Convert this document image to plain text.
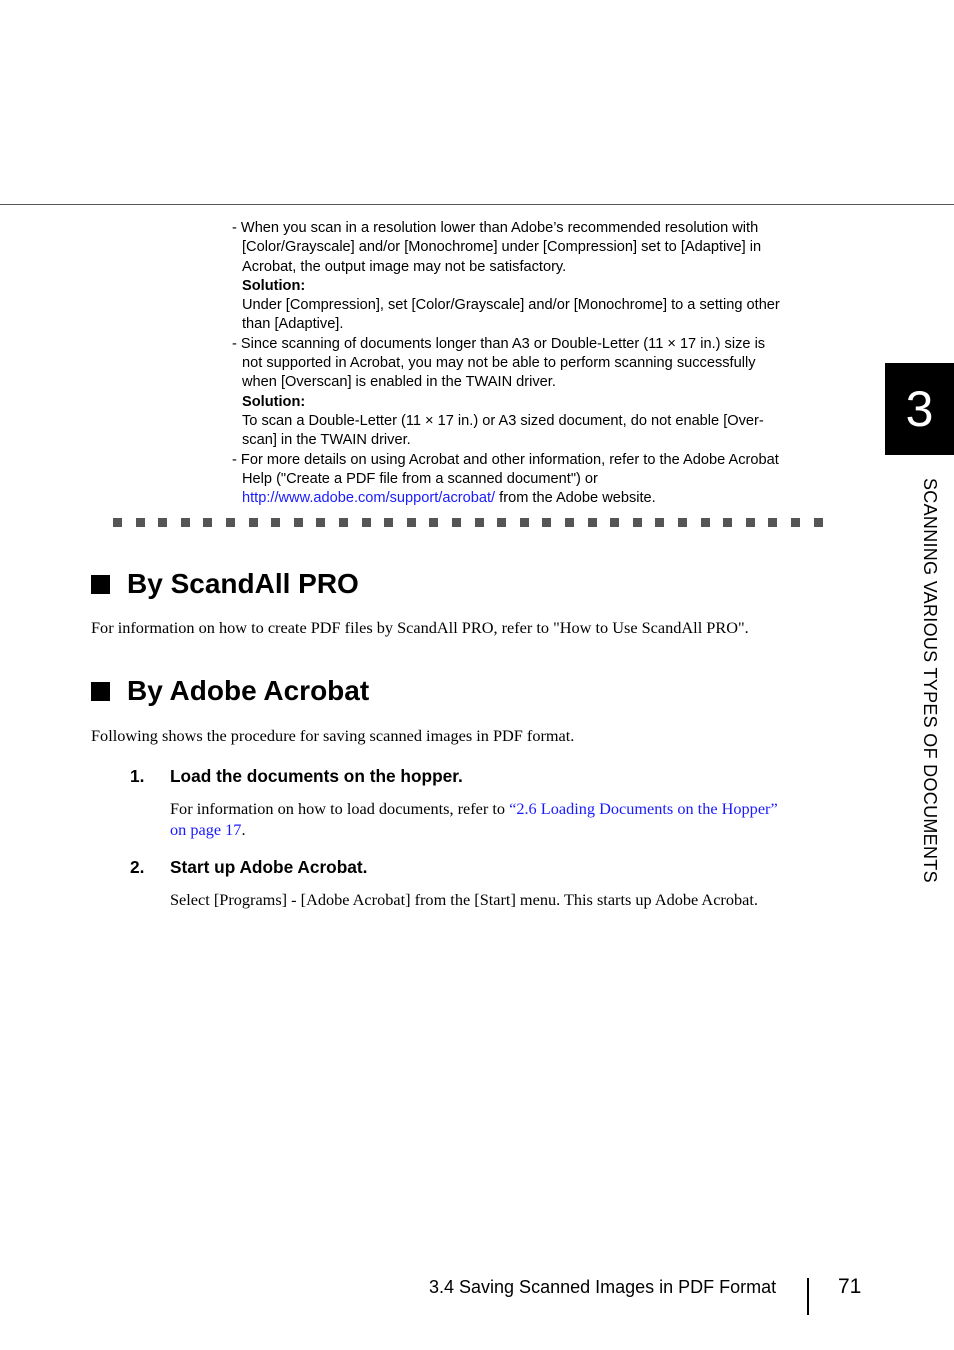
- When you scan in a resolution lower than Adobe’s recommended resolution with
[Color/Grayscale] and/or [Monochrome] under [Compression] set to [Adaptive] in
Acrobat, the output image may not be satisfactory.
Solution:
Under [Compression], set [Color/Grayscale] and/or [Monochrome] to a setting other
than [Adaptive].
- Since scanning of documents longer than A3 or Double-Letter (11 × 17 in.) size is
not supported in Acrobat, you may not be able to perform scanning successfully
when [Overscan] is enabled in the TWAIN driver.
Solution:
To scan a Double-Letter (11 × 17 in.) or A3 sized document, do not enable [Over-
scan] in the TWAIN driver.
- For more details on using Acrobat and other information, refer to the Adobe Acrobat
Help ("Create a PDF file from a scanned document") or
http://www.adobe.com/support/acrobat/ from the Adobe website.
By ScandAll PRO
For information on how to create PDF files by ScandAll PRO, refer to "How to Use ScandAll PRO".
By Adobe Acrobat
Following shows the procedure for saving scanned images in PDF format.
1. Load the documents on the hopper.
For information on how to load documents, refer to “2.6 Loading Documents on the Hopper”
on page 17.
2. Start up Adobe Acrobat.
Select [Programs] - [Adobe Acrobat] from the [Start] menu. This starts up Adobe Acrobat.
3
SCANNING VARIOUS TYPES OF DOCUMENTS
3.4 Saving Scanned Images in PDF Format	71
